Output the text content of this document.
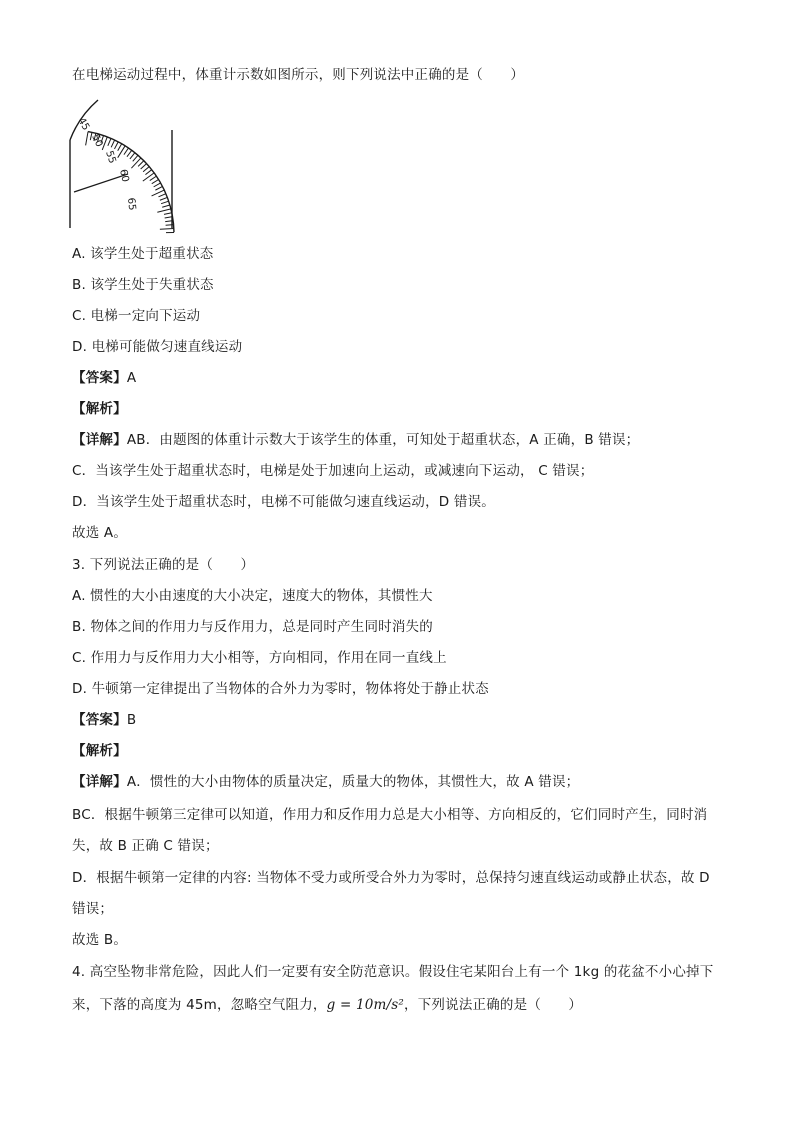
在电梯运动过程中，体重计示数如图所示，则下列说法中正确的是（　　）
45
50
55
60
65
A. 该学生处于超重状态
B. 该学生处于失重状态
C. 电梯一定向下运动
D. 电梯可能做匀速直线运动
【答案】A
【解析】
【详解】AB．由题图的体重计示数大于该学生的体重，可知处于超重状态，A 正确，B 错误；
C．当该学生处于超重状态时，电梯是处于加速向上运动，或减速向下运动， C 错误；
D．当该学生处于超重状态时，电梯不可能做匀速直线运动，D 错误。
故选 A。
3. 下列说法正确的是（　　）
A. 惯性的大小由速度的大小决定，速度大的物体，其惯性大
B. 物体之间的作用力与反作用力，总是同时产生同时消失的
C. 作用力与反作用力大小相等，方向相同，作用在同一直线上
D. 牛顿第一定律提出了当物体的合外力为零时，物体将处于静止状态
【答案】B
【解析】
【详解】A．惯性的大小由物体的质量决定，质量大的物体，其惯性大，故 A 错误；
BC．根据牛顿第三定律可以知道，作用力和反作用力总是大小相等、方向相反的，它们同时产生，同时消
失，故 B 正确 C 错误；
D．根据牛顿第一定律的内容: 当物体不受力或所受合外力为零时，总保持匀速直线运动或静止状态，故 D
错误；
故选 B。
4. 高空坠物非常危险，因此人们一定要有安全防范意识。假设住宅某阳台上有一个 1kg 的花盆不小心掉下
来，下落的高度为 45m，忽略空气阻力，g = 10m/s²，下列说法正确的是（　　）
